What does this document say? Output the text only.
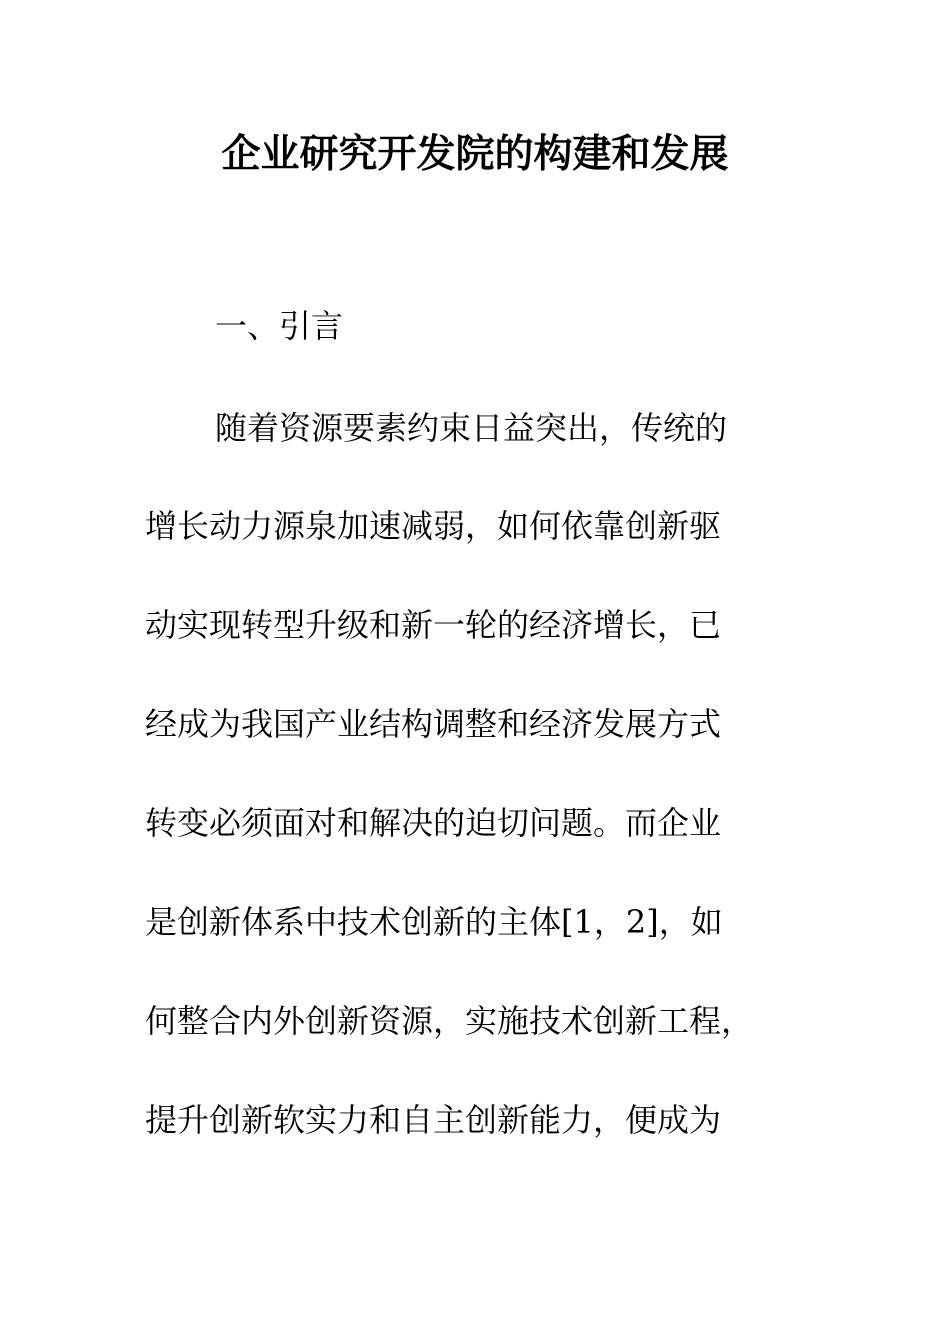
企业研究开发院的构建和发展
一、引言
随着资源要素约束日益突出，传统的
增长动力源泉加速减弱，如何依靠创新驱
动实现转型升级和新一轮的经济增长，已
经成为我国产业结构调整和经济发展方式
转变必须面对和解决的迫切问题。而企业
是创新体系中技术创新的主体[1，2]，如
何整合内外创新资源，实施技术创新工程，
提升创新软实力和自主创新能力，便成为
